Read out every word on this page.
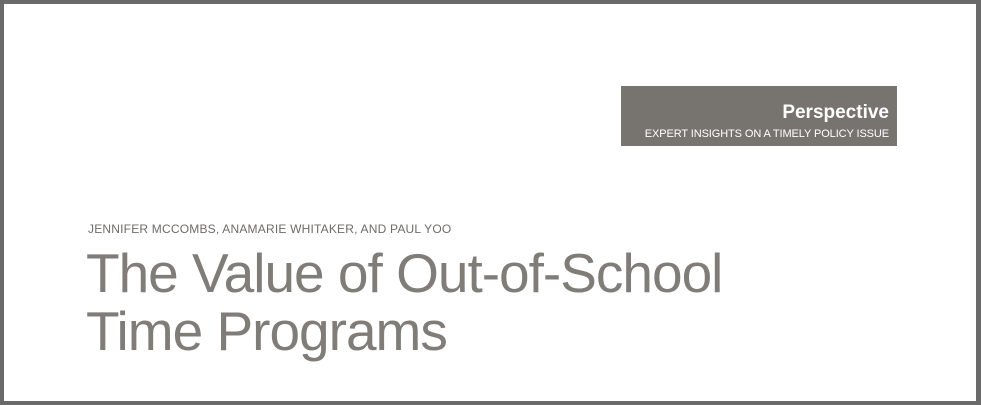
Perspective
EXPERT INSIGHTS ON A TIMELY POLICY ISSUE
JENNIFER MCCOMBS, ANAMARIE WHITAKER, AND PAUL YOO
The Value of Out-of-School
Time Programs
